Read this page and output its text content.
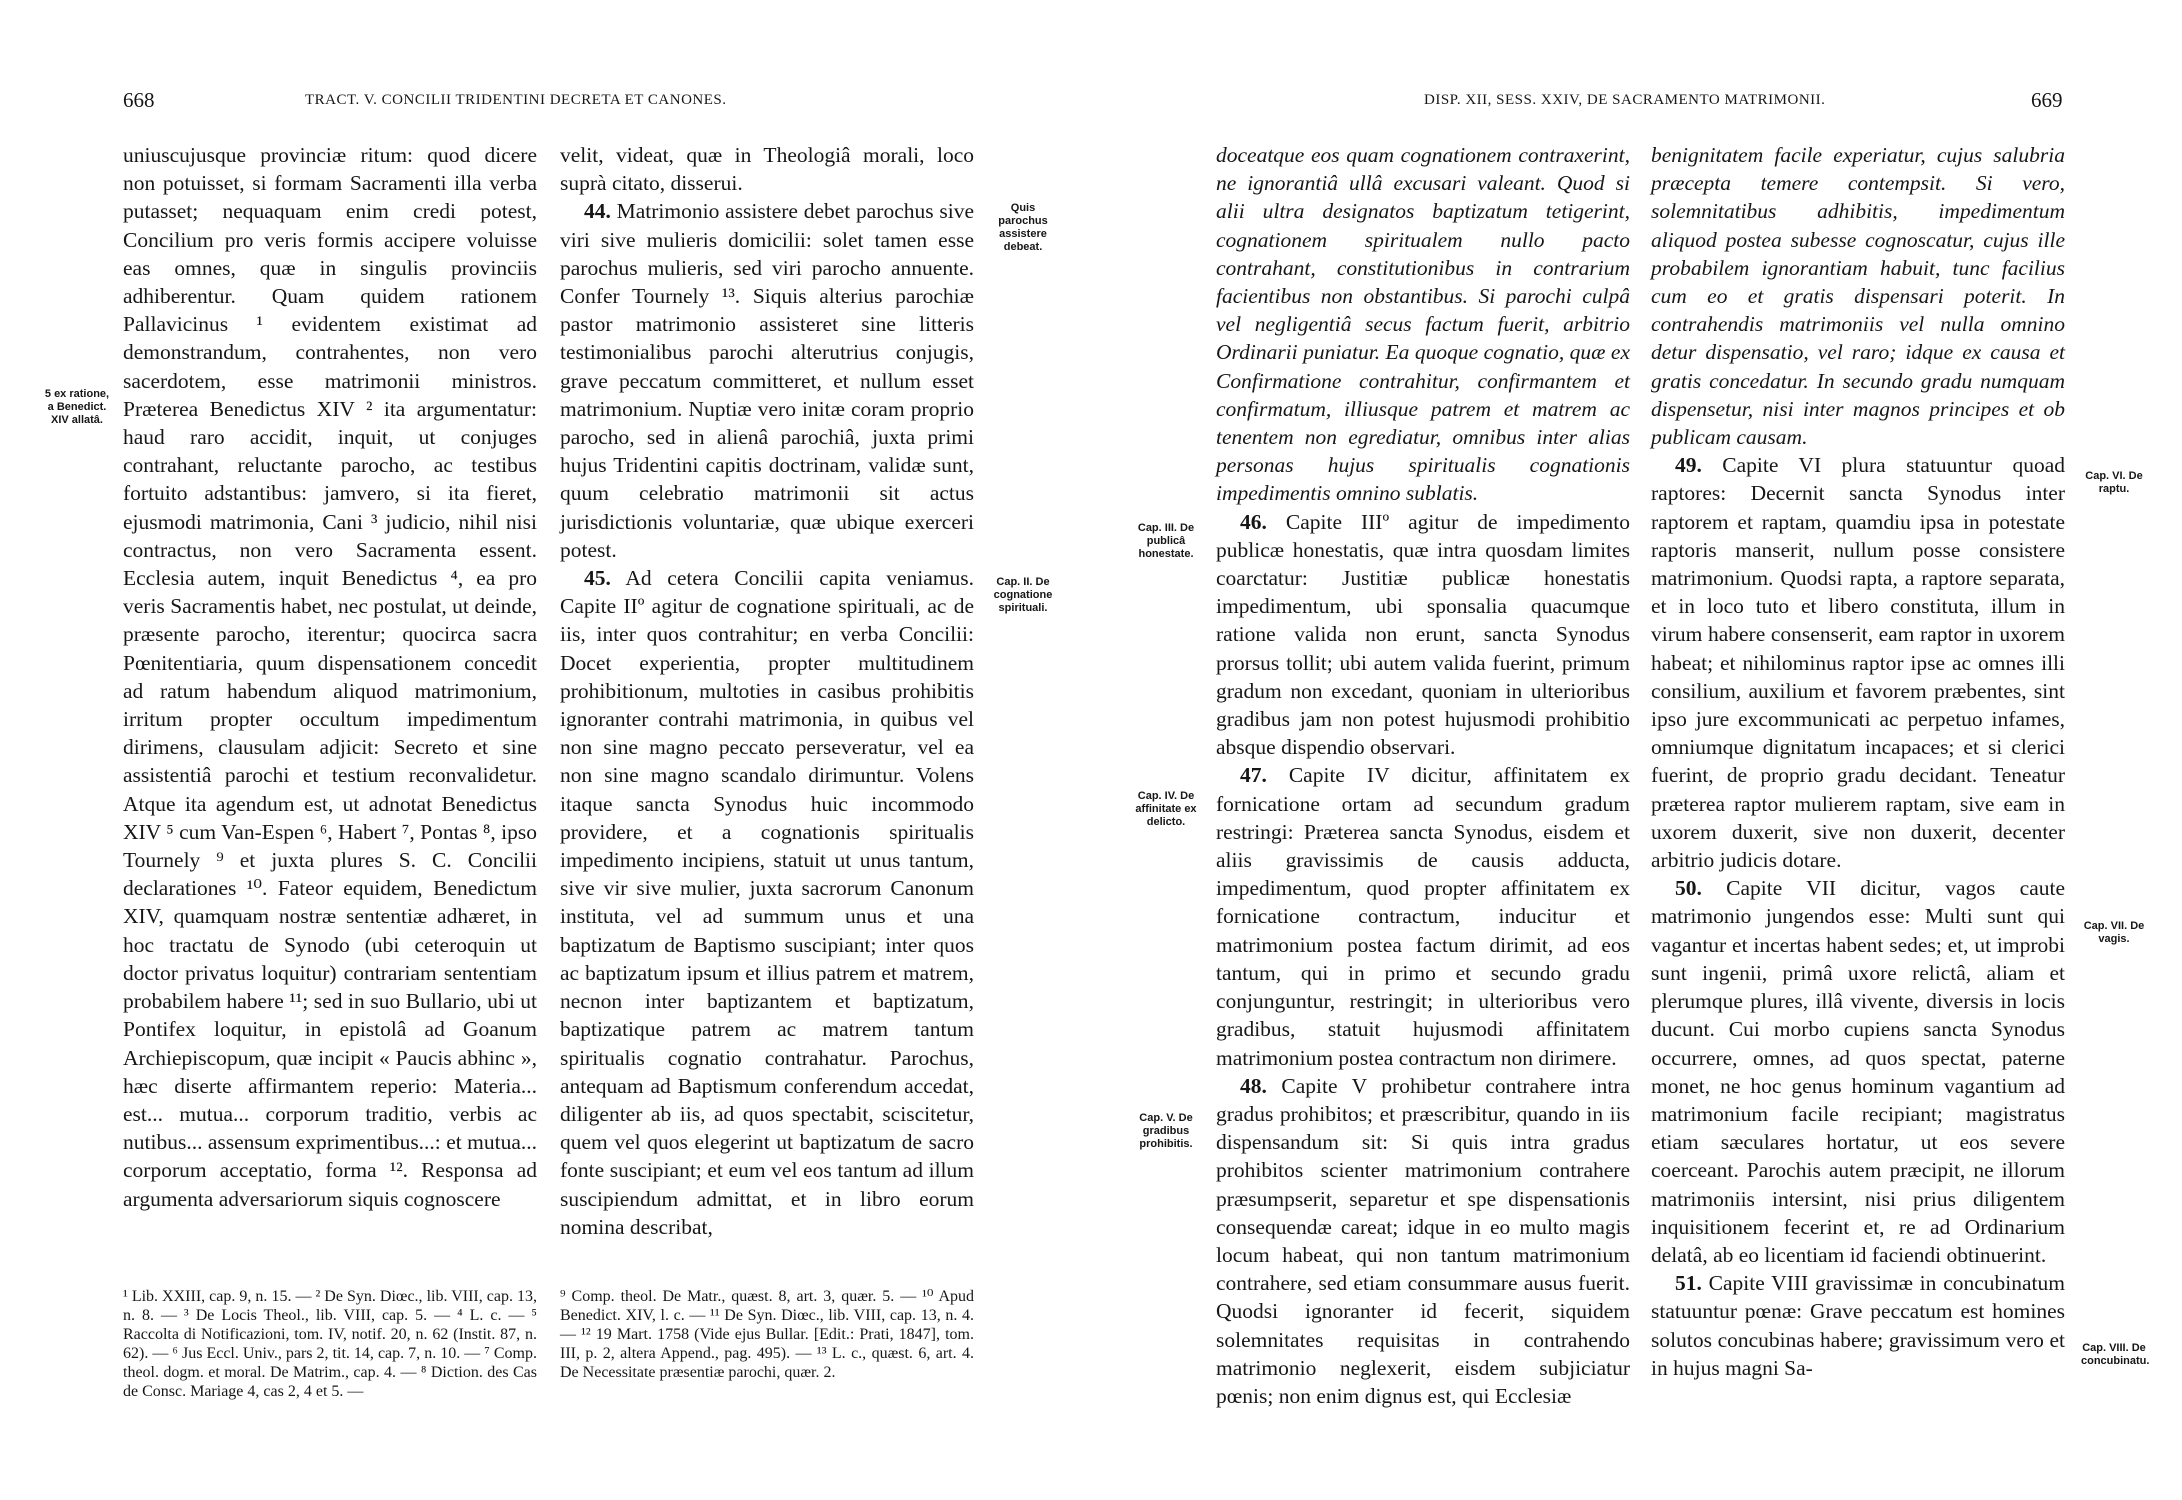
668	TRACT. V. CONCILII TRIDENTINI DECRETA ET CANONES.
5 ex ratione, a Benedict. XIV allatâ.

uniuscujusque provinciæ ritum: quod dicere non potuisset, si formam Sacramenti illa verba putasset; nequaquam enim credi potest, Concilium pro veris formis accipere voluisse eas omnes, quæ in singulis provinciis adhiberentur. Quam quidem rationem Pallavicinus ¹ evidentem existimat ad demonstrandum, contrahentes, non vero sacerdotem, esse matrimonii ministros. Præterea Benedictus XIV ² ita argumentatur: haud raro accidit, inquit, ut conjuges contrahant, reluctante parocho, ac testibus fortuito adstantibus: jamvero, si ita fieret, ejusmodi matrimonia, Cani ³ judicio, nihil nisi contractus, non vero Sacramenta essent. Ecclesia autem, inquit Benedictus ⁴, ea pro veris Sacramentis habet, nec postulat, ut deinde, præsente parocho, iterentur; quocirca sacra Pœnitentiaria, quum dispensationem concedit ad ratum habendum aliquod matrimonium, irritum propter occultum impedimentum dirimens, clausulam adjicit: Secreto et sine assistentiâ parochi et testium reconvalidetur. Atque ita agendum est, ut adnotat Benedictus XIV ⁵ cum Van-Espen ⁶, Habert ⁷, Pontas ⁸, ipso Tournely ⁹ et juxta plures S. C. Concilii declarationes ¹⁰. Fateor equidem, Benedictum XIV, quamquam nostræ sententiæ adhæret, in hoc tractatu de Synodo (ubi ceteroquin ut doctor privatus loquitur) contrariam sententiam probabilem habere ¹¹; sed in suo Bullario, ubi ut Pontifex loquitur, in epistolâ ad Goanum Archiepiscopum, quæ incipit « Paucis abhinc », hæc diserte affirmantem reperio: Materia... est... mutua... corporum traditio, verbis ac nutibus... assensum exprimentibus...: et mutua... corporum acceptatio, forma ¹². Responsa ad argumenta adversariorum siquis cognoscere

velit, videat, quæ in Theologiâ morali, loco suprà citato, disserui.

44. Matrimonio assistere debet parochus sive viri sive mulieris domicilii: solet tamen esse parochus mulieris, sed viri parocho annuente. Confer Tournely ¹³. Siquis alterius parochiæ pastor matrimonio assisteret sine litteris testimonialibus parochi alterutrius conjugis, grave peccatum committeret, et nullum esset matrimonium. Nuptiæ vero initæ coram proprio parocho, sed in alienâ parochiâ, juxta primi hujus Tridentini capitis doctrinam, validæ sunt, quum celebratio matrimonii sit actus jurisdictionis voluntariæ, quæ ubique exerceri potest.

45. Ad cetera Concilii capita veniamus. Capite IIº agitur de cognatione spirituali, ac de iis, inter quos contrahitur; en verba Concilii: Docet experientia, propter multitudinem prohibitionum, multoties in casibus prohibitis ignoranter contrahi matrimonia, in quibus vel non sine magno peccato perseveratur, vel ea non sine magno scandalo dirimuntur. Volens itaque sancta Synodus huic incommodo providere, et a cognationis spiritualis impedimento incipiens, statuit ut unus tantum, sive vir sive mulier, juxta sacrorum Canonum instituta, vel ad summum unus et una baptizatum de Baptismo suscipiant; inter quos ac baptizatum ipsum et illius patrem et matrem, necnon inter baptizantem et baptizatum, baptizatique patrem ac matrem tantum spiritualis cognatio contrahatur. Parochus, antequam ad Baptismum conferendum accedat, diligenter ab iis, ad quos spectabit, sciscitetur, quem vel quos elegerint ut baptizatum de sacro fonte suscipiant; et eum vel eos tantum ad illum suscipiendum admittat, et in libro eorum nomina describat,

Quis parochus assistere debeat.
Cap. II. De cognatione spirituali.
¹ Lib. XXIII, cap. 9, n. 15. — ² De Syn. Diœc., lib. VIII, cap. 13, n. 8. — ³ De Locis Theol., lib. VIII, cap. 5. — ⁴ L. c. — ⁵ Raccolta di Notificazioni, tom. IV, notif. 20, n. 62 (Instit. 87, n. 62). — ⁶ Jus Eccl. Univ., pars 2, tit. 14, cap. 7, n. 10. — ⁷ Comp. theol. dogm. et moral. De Matrim., cap. 4. — ⁸ Diction. des Cas de Consc. Mariage 4, cas 2, 4 et 5. —
⁹ Comp. theol. De Matr., quæst. 8, art. 3, quær. 5. — ¹⁰ Apud Benedict. XIV, l. c. — ¹¹ De Syn. Diœc., lib. VIII, cap. 13, n. 4. — ¹² 19 Mart. 1758 (Vide ejus Bullar. [Edit.: Prati, 1847], tom. III, p. 2, altera Append., pag. 495). — ¹³ L. c., quæst. 6, art. 4. De Necessitate præsentiæ parochi, quær. 2.
669
DISP. XII, SESS. XXIV, DE SACRAMENTO MATRIMONII.
Cap. III. De publicâ honestate.
Cap. IV. De affinitate ex delicto.
Cap. V. De gradibus prohibitis.

doceatque eos quam cognationem contraxerint, ne ignorantiâ ullâ excusari valeant. Quod si alii ultra designatos baptizatum tetigerint, cognationem spiritualem nullo pacto contrahant, constitutionibus in contrarium facientibus non obstantibus. Si parochi culpâ vel negligentiâ secus factum fuerit, arbitrio Ordinarii puniatur. Ea quoque cognatio, quæ ex Confirmatione contrahitur, confirmantem et confirmatum, illiusque patrem et matrem ac tenentem non egrediatur, omnibus inter alias personas hujus spiritualis cognationis impedimentis omnino sublatis.

46. Capite IIIº agitur de impedimento publicæ honestatis, quæ intra quosdam limites coarctatur: Justitiæ publicæ honestatis impedimentum, ubi sponsalia quacumque ratione valida non erunt, sancta Synodus prorsus tollit; ubi autem valida fuerint, primum gradum non excedant, quoniam in ulterioribus gradibus jam non potest hujusmodi prohibitio absque dispendio observari.

47. Capite IV dicitur, affinitatem ex fornicatione ortam ad secundum gradum restringi: Præterea sancta Synodus, eisdem et aliis gravissimis de causis adducta, impedimentum, quod propter affinitatem ex fornicatione contractum, inducitur et matrimonium postea factum dirimit, ad eos tantum, qui in primo et secundo gradu conjunguntur, restringit; in ulterioribus vero gradibus, statuit hujusmodi affinitatem matrimonium postea contractum non dirimere.

48. Capite V prohibetur contrahere intra gradus prohibitos; et præscribitur, quando in iis dispensandum sit: Si quis intra gradus prohibitos scienter matrimonium contrahere præsumpserit, separetur et spe dispensationis consequendæ careat; idque in eo multo magis locum habeat, qui non tantum matrimonium contrahere, sed etiam consummare ausus fuerit. Quodsi ignoranter id fecerit, siquidem solemnitates requisitas in contrahendo matrimonio neglexerit, eisdem subjiciatur pœnis; non enim dignus est, qui Ecclesiæ

benignitatem facile experiatur, cujus salubria præcepta temere contempsit. Si vero, solemnitatibus adhibitis, impedimentum aliquod postea subesse cognoscatur, cujus ille probabilem ignorantiam habuit, tunc facilius cum eo et gratis dispensari poterit. In contrahendis matrimoniis vel nulla omnino detur dispensatio, vel raro; idque ex causa et gratis concedatur. In secundo gradu numquam dispensetur, nisi inter magnos principes et ob publicam causam.

49. Capite VI plura statuuntur quoad raptores: Decernit sancta Synodus inter raptorem et raptam, quamdiu ipsa in potestate raptoris manserit, nullum posse consistere matrimonium. Quodsi rapta, a raptore separata, et in loco tuto et libero constituta, illum in virum habere consenserit, eam raptor in uxorem habeat; et nihilominus raptor ipse ac omnes illi consilium, auxilium et favorem præbentes, sint ipso jure excommunicati ac perpetuo infames, omniumque dignitatum incapaces; et si clerici fuerint, de proprio gradu decidant. Teneatur præterea raptor mulierem raptam, sive eam in uxorem duxerit, sive non duxerit, decenter arbitrio judicis dotare.

50. Capite VII dicitur, vagos caute matrimonio jungendos esse: Multi sunt qui vagantur et incertas habent sedes; et, ut improbi sunt ingenii, primâ uxore relictâ, aliam et plerumque plures, illâ vivente, diversis in locis ducunt. Cui morbo cupiens sancta Synodus occurrere, omnes, ad quos spectat, paterne monet, ne hoc genus hominum vagantium ad matrimonium facile recipiant; magistratus etiam sæculares hortatur, ut eos severe coerceant. Parochis autem præcipit, ne illorum matrimoniis intersint, nisi prius diligentem inquisitionem fecerint et, re ad Ordinarium delatâ, ab eo licentiam id faciendi obtinuerint.

51. Capite VIII gravissimæ in concubinatum statuuntur pœnæ: Grave peccatum est homines solutos concubinas habere; gravissimum vero et in hujus magni Sa-

Cap. VI. De raptu.
Cap. VII. De vagis.
Cap. VIII. De concubinatu.
